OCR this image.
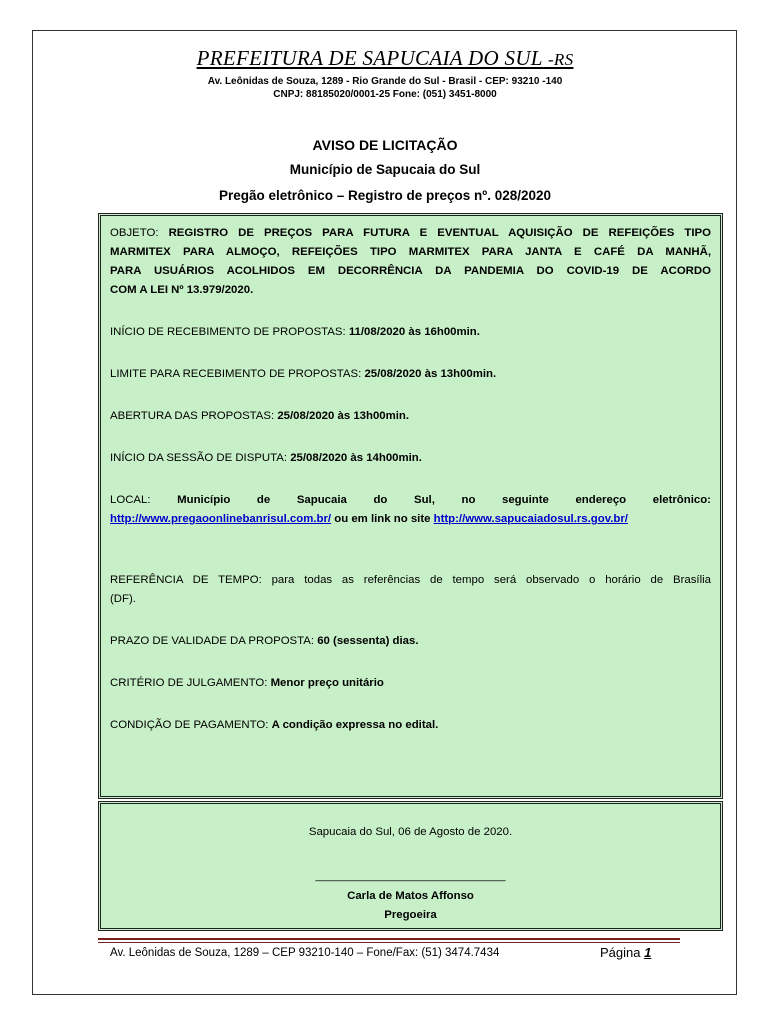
PREFEITURA DE SAPUCAIA DO SUL -RS
Av. Leônidas de Souza, 1289 - Rio Grande do Sul - Brasil - CEP: 93210 -140
CNPJ: 88185020/0001-25 Fone: (051) 3451-8000
AVISO DE LICITAÇÃO
Município de Sapucaia do Sul
Pregão eletrônico – Registro de preços nº. 028/2020

OBJETO: REGISTRO DE PREÇOS PARA FUTURA E EVENTUAL AQUISIÇÃO DE REFEIÇÕES TIPO

MARMITEX PARA ALMOÇO, REFEIÇÕES TIPO MARMITEX PARA JANTA E CAFÉ DA MANHÃ,

PARA USUÁRIOS ACOLHIDOS EM DECORRÊNCIA DA PANDEMIA DO COVID-19 DE ACORDO

COM A LEI Nº 13.979/2020.

INÍCIO DE RECEBIMENTO DE PROPOSTAS: 11/08/2020 às 16h00min.

LIMITE PARA RECEBIMENTO DE PROPOSTAS: 25/08/2020 às 13h00min.

ABERTURA DAS PROPOSTAS: 25/08/2020 às 13h00min.

INÍCIO DA SESSÃO DE DISPUTA: 25/08/2020 às 14h00min.

LOCAL: Município de Sapucaia do Sul, no seguinte endereço eletrônico:

http://www.pregaoonlinebanrisul.com.br/ ou em link no site http://www.sapucaiadosul.rs.gov.br/

REFERÊNCIA DE TEMPO: para todas as referências de tempo será observado o horário de Brasília

(DF).

PRAZO DE VALIDADE DA PROPOSTA: 60 (sessenta) dias.

CRITÉRIO DE JULGAMENTO: Menor preço unitário

CONDIÇÃO DE PAGAMENTO: A condição expressa no edital.

Sapucaia do Sul, 06 de Agosto de 2020.
______________________________
Carla de Matos Affonso
Pregoeira
Av. Leônidas de Souza, 1289 – CEP 93210-140 – Fone/Fax: (51) 3474.7434	Página 1
